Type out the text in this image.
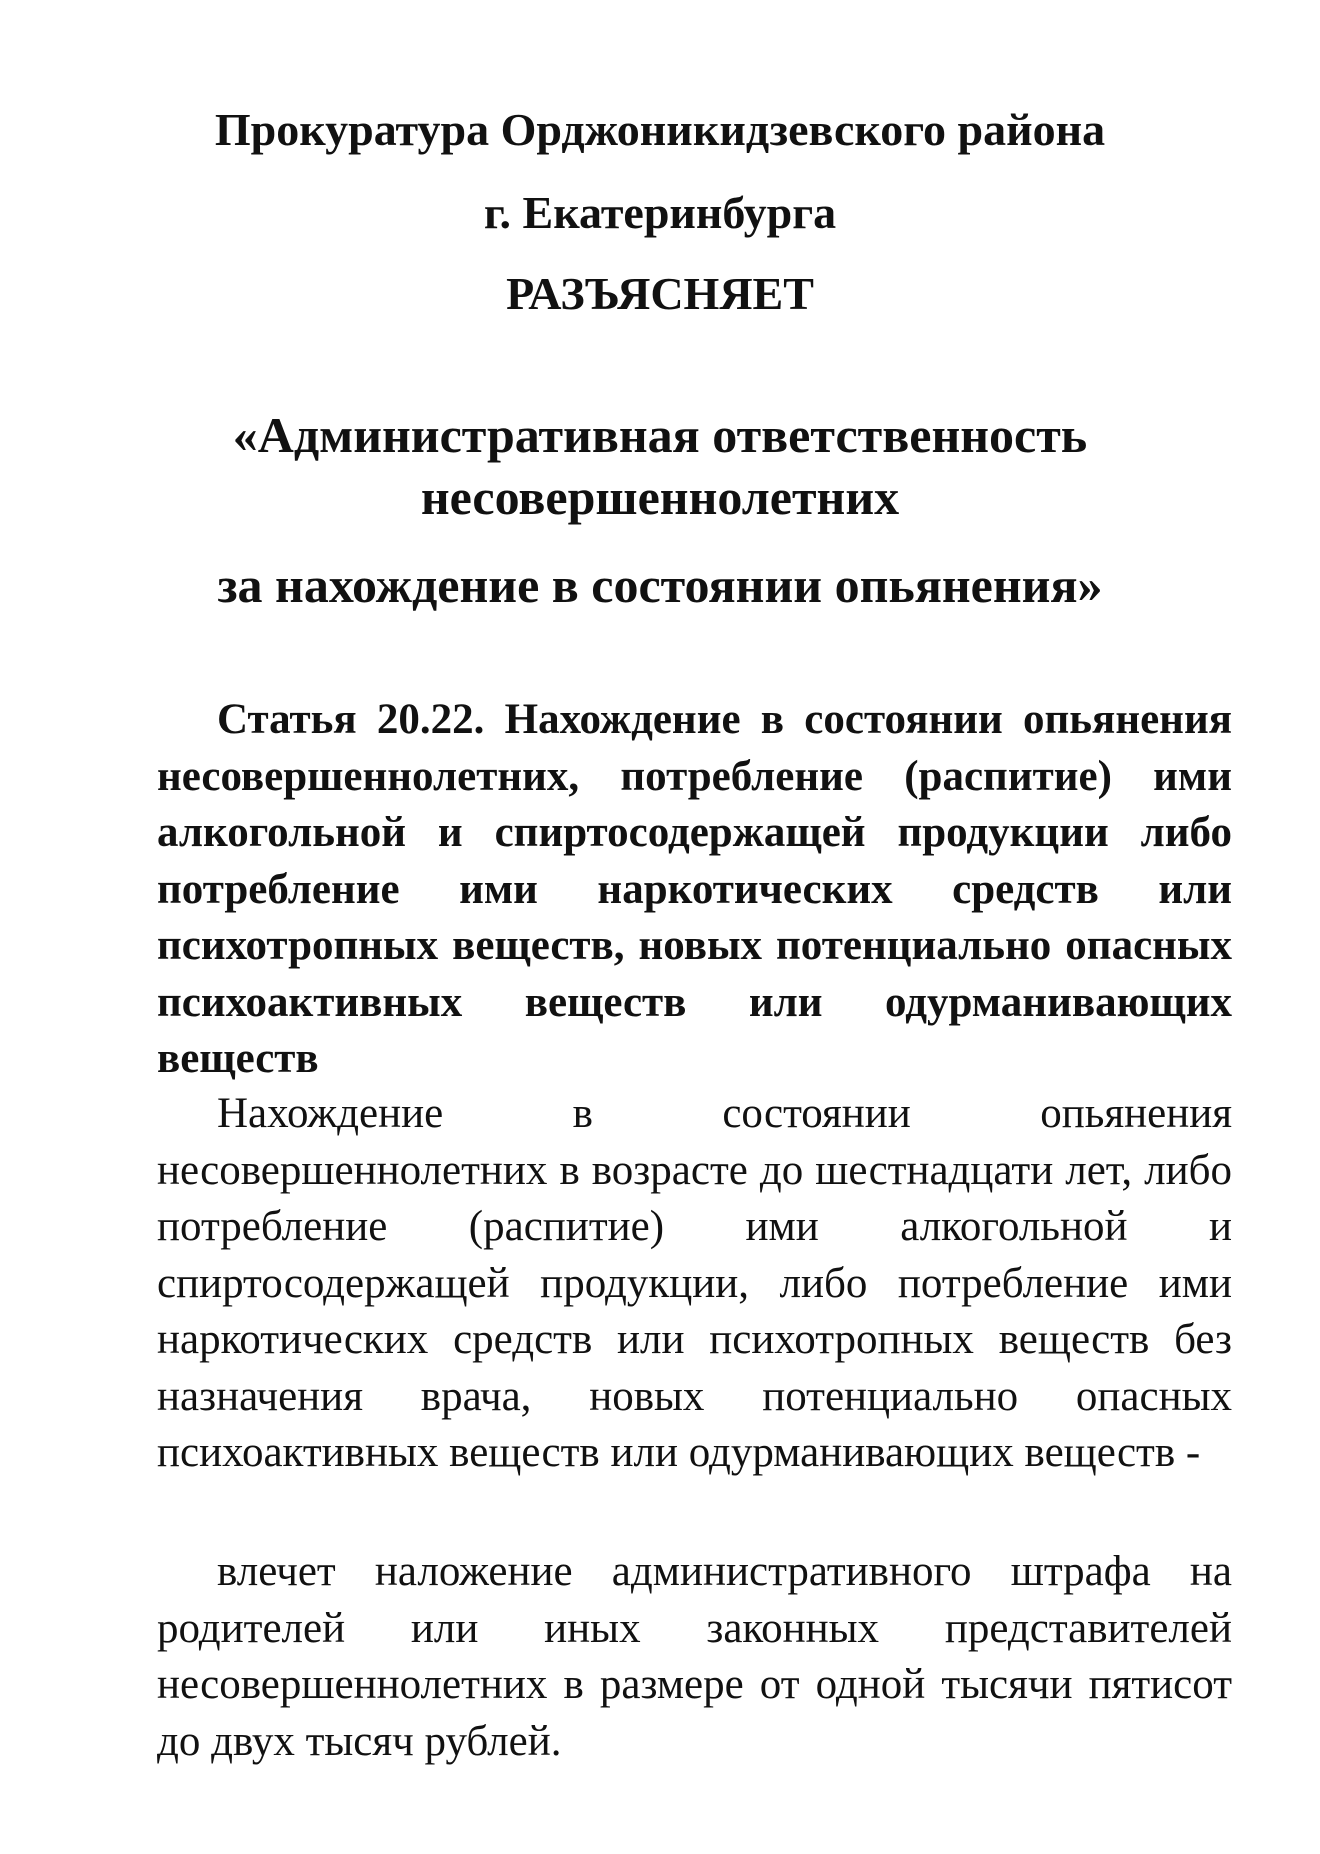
Прокуратура Орджоникидзевского района
г. Екатеринбурга
РАЗЪЯСНЯЕТ
«Административная ответственность
несовершеннолетних
за нахождение в состоянии опьянения»
Статья 20.22. Нахождение в состоянии опьянения несовершеннолетних, потребление (распитие) ими алкогольной и спиртосодержащей продукции либо потребление ими наркотических средств или психотропных веществ, новых потенциально опасных психоактивных веществ или одурманивающих веществ
Нахождение в состоянии опьянения несовершеннолетних в возрасте до шестнадцати лет, либо потребление (распитие) ими алкогольной и спиртосодержащей продукции, либо потребление ими наркотических средств или психотропных веществ без назначения врача, новых потенциально опасных психоактивных веществ или одурманивающих веществ -
влечет наложение административного штрафа на родителей или иных законных представителей несовершеннолетних в размере от одной тысячи пятисот до двух тысяч рублей.
